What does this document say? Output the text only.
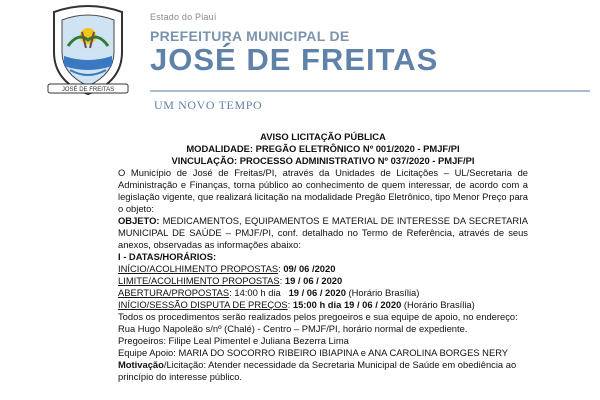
JOSÉ DE FREITAS
Estado do Piauí
PREFEITURA MUNICIPAL DE
JOSÉ DE FREITAS
UM NOVO TEMPO

AVISO LICITAÇÃO PÚBLICA

MODALIDADE: PREGÃO ELETRÔNICO Nº 001/2020 - PMJF/PI

VINCULAÇÃO: PROCESSO ADMINISTRATIVO Nº 037/2020 - PMJF/PI

O Município de José de Freitas/PI, através da Unidades de Licitações – UL/Secretaria de Administração e Finanças, torna público ao conhecimento de quem interessar, de acordo com a legislação vigente, que realizará licitação na modalidade Pregão Eletrônico, tipo Menor Preço para o objeto:

OBJETO: MEDICAMENTOS, EQUIPAMENTOS E MATERIAL DE INTERESSE DA SECRETARIA MUNICIPAL DE SAÚDE – PMJF/PI, conf. detalhado no Termo de Referência, através de seus anexos, observadas as informações abaixo:

I - DATAS/HORÁRIOS:

INÍCIO/ACOLHIMENTO PROPOSTAS: 09/ 06 /2020

LIMITE/ACOLHIMENTO PROPOSTAS: 19 / 06 / 2020

ABERTURA/PROPOSTAS: 14:00 h dia   19 / 06 / 2020 (Horário Brasília)

INÍCIO/SESSÃO DISPUTA DE PREÇOS: 15:00 h dia 19 / 06 / 2020 (Horário Brasília)

Todos os procedimentos serão realizados pelos pregoeiros e sua equipe de apoio, no endereço: Rua Hugo Napoleão s/nº (Chalé) - Centro – PMJF/PI, horário normal de expediente.

Pregoeiros: Filipe Leal Pimentel e Juliana Bezerra Lima

Equipe Apoio: MARIA DO SOCORRO RIBEIRO IBIAPINA e ANA CAROLINA BORGES NERY

Motivação/Licitação: Atender necessidade da Secretaria Municipal de Saúde em obediência ao princípio do interesse público.
